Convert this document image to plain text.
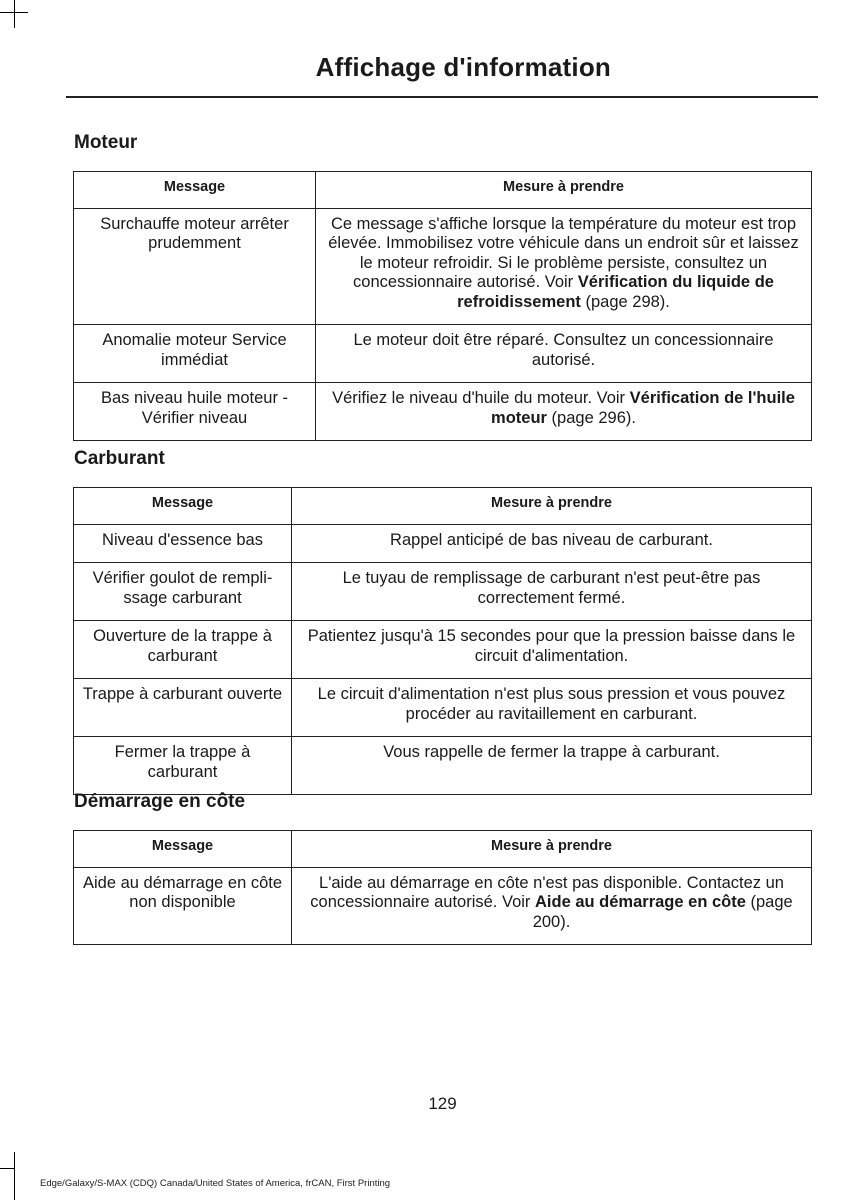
Affichage d'information
Moteur
Message	Mesure à prendre
Surchauffe moteur arrêter prudemment	Ce message s'affiche lorsque la température du moteur est trop élevée. Immobilisez votre véhicule dans un endroit sûr et laissez le moteur refroidir. Si le problème persiste, consultez un concessionnaire autorisé. Voir Vérification du liquide de refroidissement (page 298).
Anomalie moteur Service immédiat	Le moteur doit être réparé. Consultez un concessionnaire autorisé.
Bas niveau huile moteur - Vérifier niveau	Vérifiez le niveau d'huile du moteur. Voir Vérification de l'huile moteur (page 296).
Carburant
Message	Mesure à prendre
Niveau d'essence bas	Rappel anticipé de bas niveau de carburant.
Vérifier goulot de rempli-ssage carburant	Le tuyau de remplissage de carburant n'est peut-être pas correctement fermé.
Ouverture de la trappe à carburant	Patientez jusqu'à 15 secondes pour que la pression baisse dans le circuit d'alimentation.
Trappe à carburant ouverte	Le circuit d'alimentation n'est plus sous pression et vous pouvez procéder au ravitaillement en carburant.
Fermer la trappe à carburant	Vous rappelle de fermer la trappe à carburant.
Démarrage en côte
Message	Mesure à prendre
Aide au démarrage en côte non disponible	L'aide au démarrage en côte n'est pas disponible. Contactez un concessionnaire autorisé. Voir Aide au démarrage en côte (page 200).
129
Edge/Galaxy/S-MAX (CDQ) Canada/United States of America, frCAN, First Printing
